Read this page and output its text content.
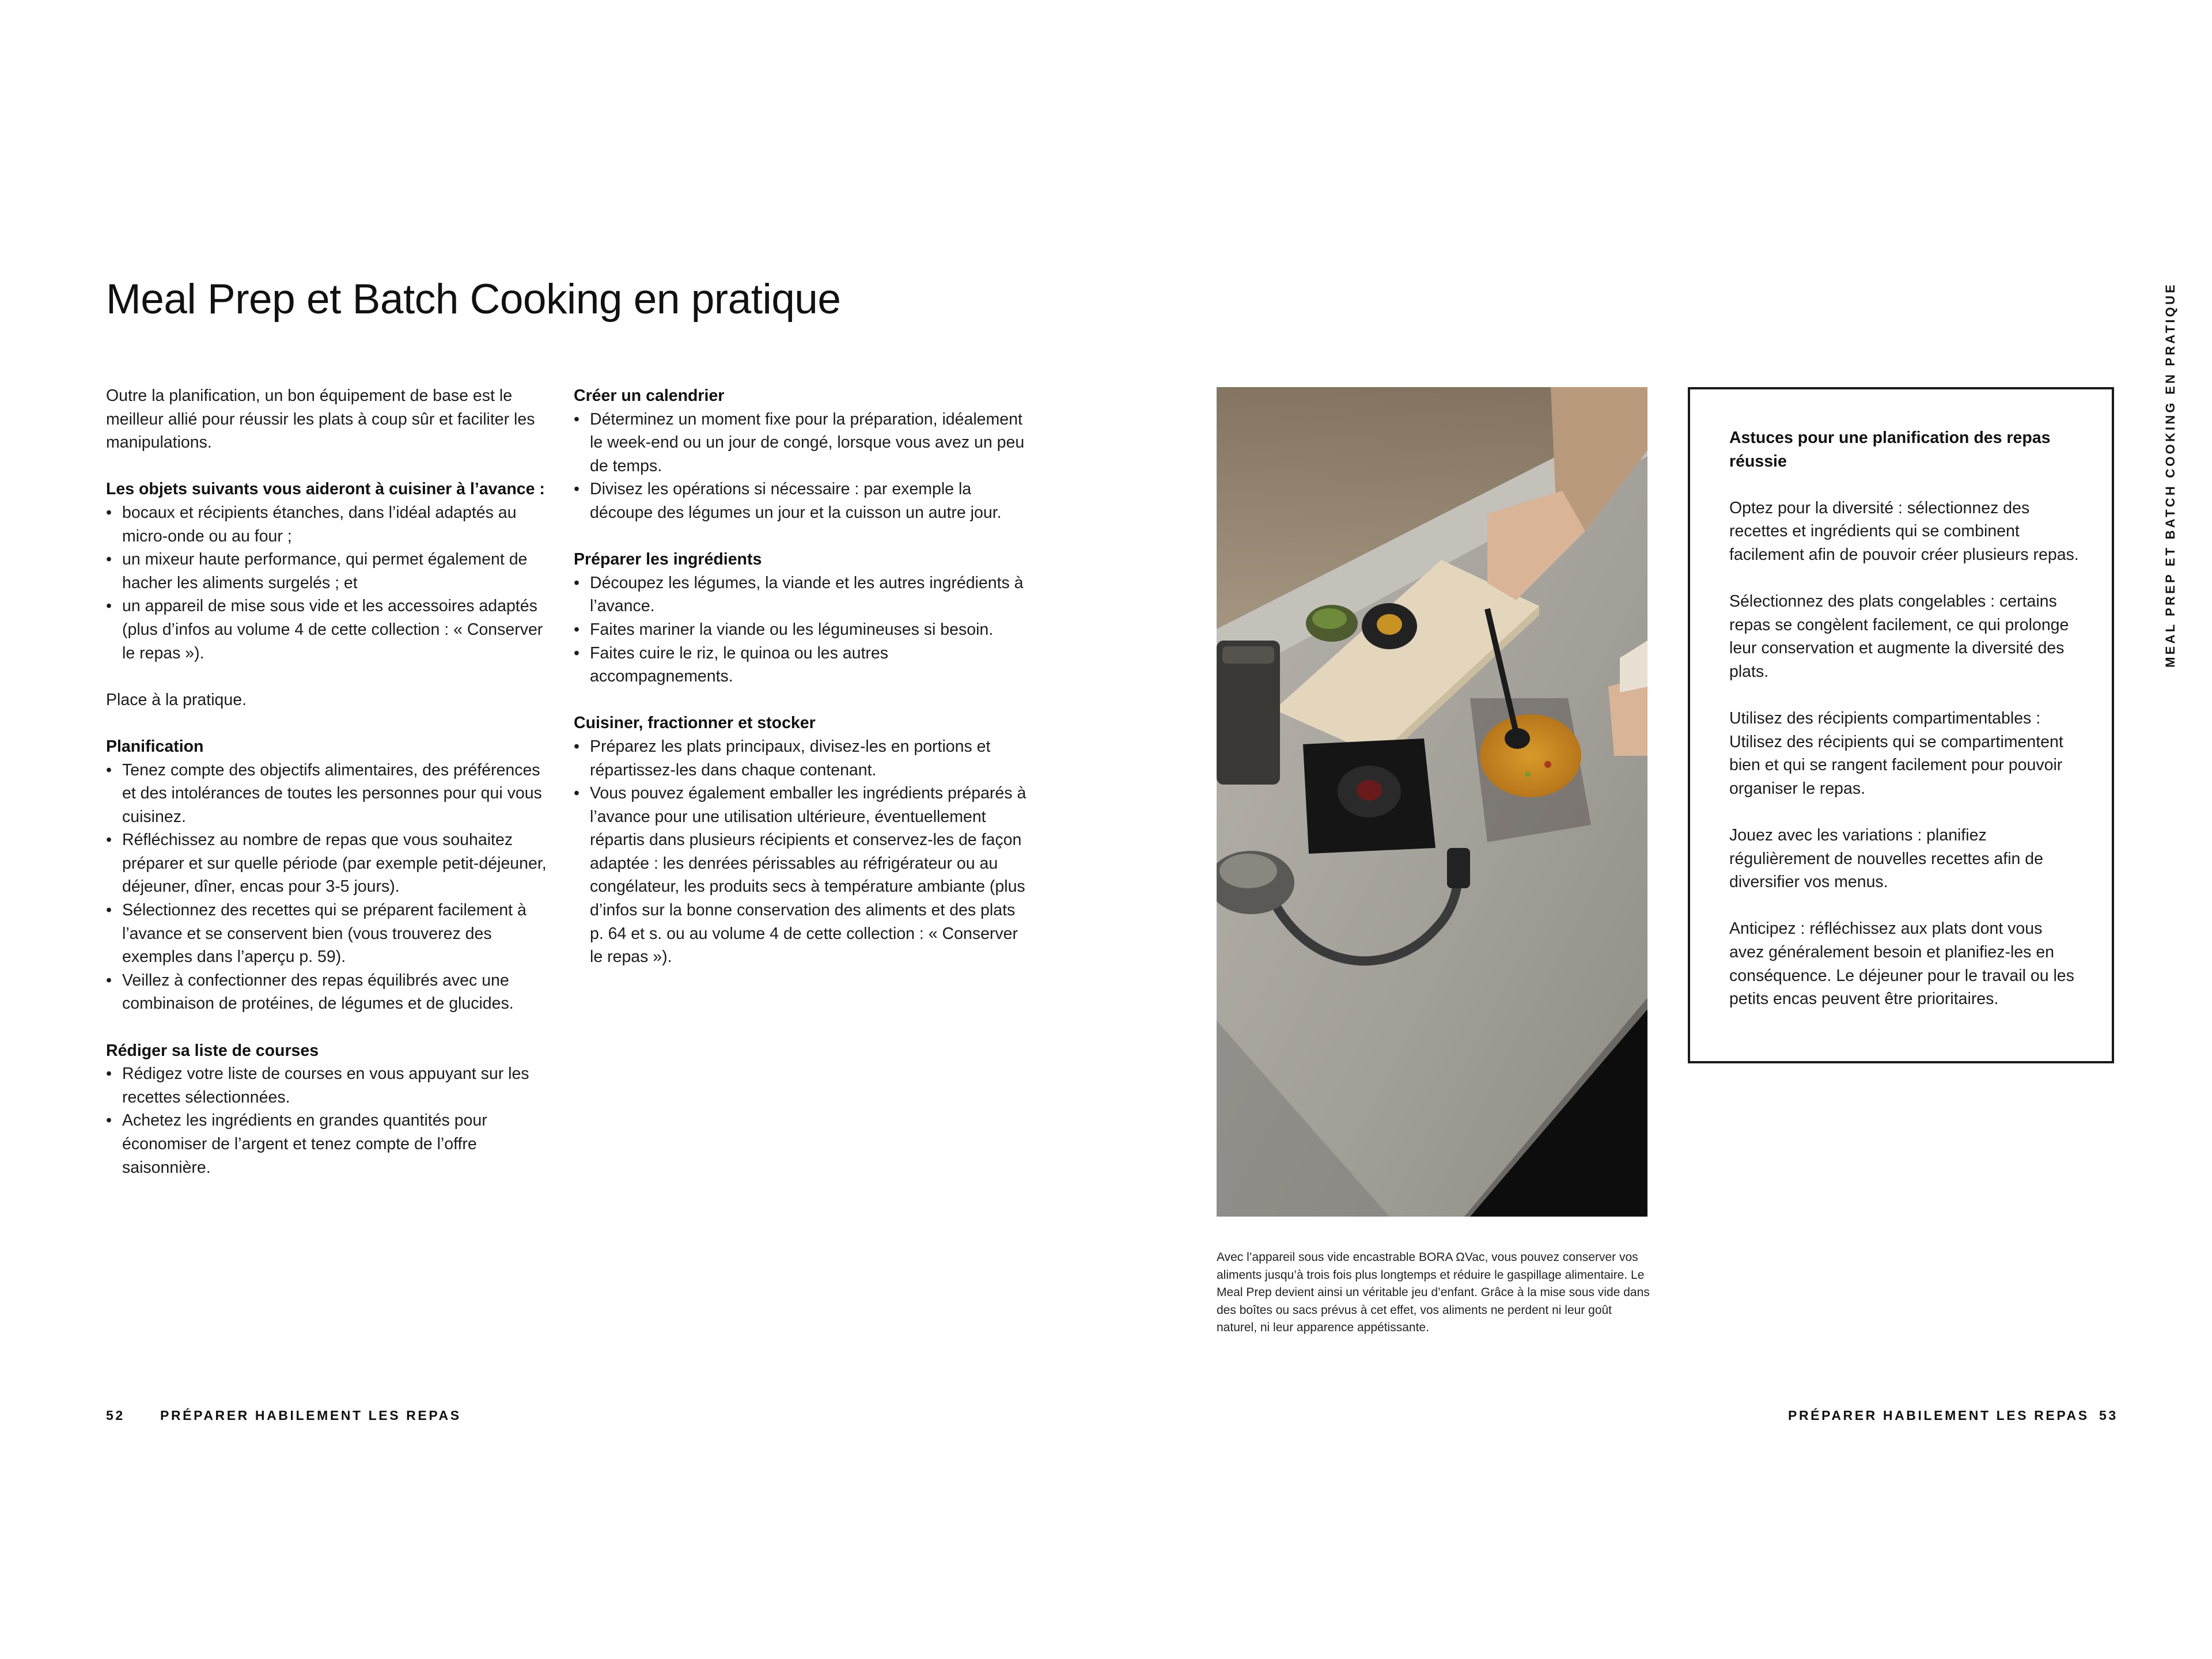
Meal Prep et Batch Cooking en pratique	MEAL PREP ET BATCH COOKING EN PRATIQUE

Outre la planification, un bon équipement de base est le meilleur allié pour réussir les plats à coup sûr et faciliter les manipulations.

Les objets suivants vous aideront à cuisiner à l’avance :
• bocaux et récipients étanches, dans l’idéal adaptés au micro-onde ou au four ;
• un mixeur haute performance, qui permet également de hacher les aliments surgelés ; et
• un appareil de mise sous vide et les accessoires adaptés (plus d’infos au volume 4 de cette collection : « Conserver le repas »).

Place à la pratique.

Planification
• Tenez compte des objectifs alimentaires, des préférences et des intolérances de toutes les personnes pour qui vous cuisinez.
• Réfléchissez au nombre de repas que vous souhaitez préparer et sur quelle période (par exemple petit-déjeuner, déjeuner, dîner, encas pour 3-5 jours).
• Sélectionnez des recettes qui se préparent facilement à l’avance et se conservent bien (vous trouverez des exemples dans l’aperçu p. 59).
• Veillez à confectionner des repas équilibrés avec une combinaison de protéines, de légumes et de glucides.
Rédiger sa liste de courses
• Rédigez votre liste de courses en vous appuyant sur les recettes sélectionnées.
• Achetez les ingrédients en grandes quantités pour économiser de l’argent et tenez compte de l’offre saisonnière.
Créer un calendrier
• Déterminez un moment fixe pour la préparation, idéalement le week-end ou un jour de congé, lorsque vous avez un peu de temps.
• Divisez les opérations si nécessaire : par exemple la découpe des légumes un jour et la cuisson un autre jour.
Préparer les ingrédients
• Découpez les légumes, la viande et les autres ingrédients à l’avance.
• Faites mariner la viande ou les légumineuses si besoin.
• Faites cuire le riz, le quinoa ou les autres accompagnements.
Cuisiner, fractionner et stocker
• Préparez les plats principaux, divisez-les en portions et répartissez-les dans chaque contenant.
• Vous pouvez également emballer les ingrédients préparés à l’avance pour une utilisation ultérieure, éventuellement répartis dans plusieurs récipients et conservez-les de façon adaptée : les denrées périssables au réfrigérateur ou au congélateur, les produits secs à température ambiante (plus d’infos sur la bonne conservation des aliments et des plats p. 64 et s. ou au volume 4 de cette collection : « Conserver le repas »).

Avec l’appareil sous vide encastrable BORA ΩVac, vous pouvez conserver vos aliments jusqu’à trois fois plus longtemps et réduire le gaspillage alimentaire. Le Meal Prep devient ainsi un véritable jeu d’enfant. Grâce à la mise sous vide dans des boîtes ou sacs prévus à cet effet, vos aliments ne perdent ni leur goût naturel, ni leur apparence appétissante.

Astuces pour une planification des repas réussie

Optez pour la diversité : sélectionnez des recettes et ingrédients qui se combinent facilement afin de pouvoir créer plusieurs repas.

Sélectionnez des plats congelables : certains repas se congèlent facilement, ce qui prolonge leur conservation et augmente la diversité des plats.

Utilisez des récipients compartimentables : Utilisez des récipients qui se compartimentent bien et qui se rangent facilement pour pouvoir organiser le repas.

Jouez avec les variations : planifiez régulièrement de nouvelles recettes afin de diversifier vos menus.

Anticipez : réfléchissez aux plats dont vous avez généralement besoin et planifiez-les en conséquence. Le déjeuner pour le travail ou les petits encas peuvent être prioritaires.

52	PRÉPARER HABILEMENT LES REPAS	PRÉPARER HABILEMENT LES REPAS 53
